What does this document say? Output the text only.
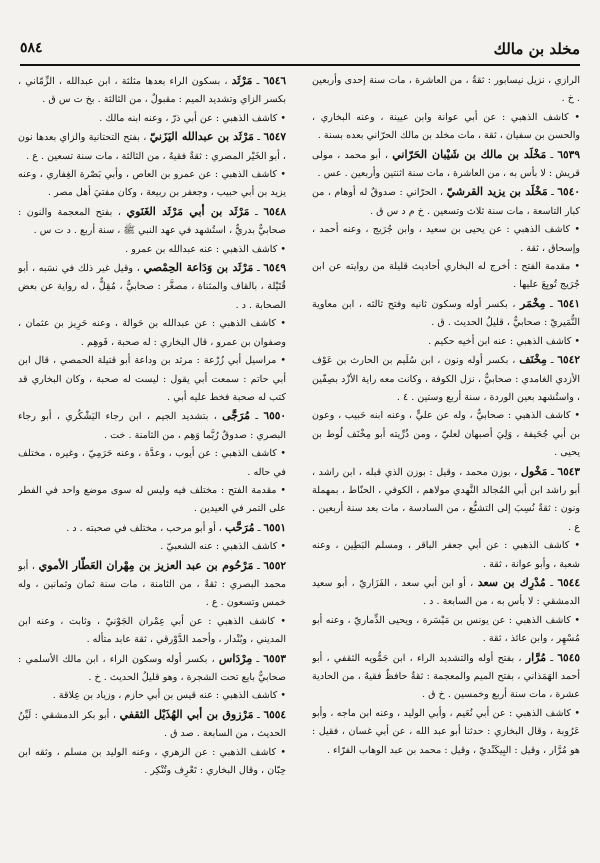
٥٨٤	مخلد بن مالك

الرازي ، نزيل نيسابور : ثقةٌ ، من العاشرة ، مات سنة إحدى وأربعين . خ .

• كاشف الذهبي : عن أبي عوانة وابن عيينة ، وعنه البخاري ، والحسن بن سفيان ، ثقة ، مات مخلد بن مالك الحرّاني بعده بسنة .

٦٥٣٩ ـ مَخْلَد بن مالك بن شَيْبان الحَرّاني ، أبو محمد ، مولى قريش : لا بأس به ، من العاشرة ، مات سنة اثنتين وأربعين . عس .

٦٥٤٠ ـ مَخْلَد بن يزيد القرشيّ ، الحرّاني : صدوقٌ له أوهام ، من كبار التاسعة ، مات سنة ثلاث وتسعين . خ م د س ق .

• كاشف الذهبي : عن يحيى بن سعيد ، وابن جُرَيج ، وعنه أحمد ، وإسحاق ، ثقة .

• مقدمة الفتح : أخرج له البخاري أحاديث قليلة من روايته عن ابن جُرَيج تُوبِعَ عليها .

٦٥٤١ ـ مِخْمَر ، بكسر أوله وسكون ثانيه وفتح ثالثه ، ابن معاوية النُّمَيريّ : صحابيٌّ ، قليلُ الحديث . ق .

• كاشف الذهبي : عنه ابن أخيه حكيم .

٦٥٤٢ ـ مِخْنَف ، بكسر أوله ونون ، ابن سُلَيم بن الحارث بن عَوْف الأزدي الغامدي : صحابيٌّ ، نزل الكوفة ، وكانت معه راية الأزْد بصِفّين ، واستُشهد بعين الوردة ، سنة أربع وستين . ٤ .

• كاشف الذهبي : صحابيٌّ ، وله عن عليٍّ ، وعنه ابنه حَبيب ، وعون بن أبي جُحَيفة ، وَلِيَ أصبهان لعليّ ، ومن ذُرِّيته أبو مِخْنَف لُوط بن يحيى .

٦٥٤٣ ـ مَخْول ، بوزن محمد ، وقيل : بوزن الذي قبله ، ابن راشد ، أبو راشد ابن أبي المُجالد النَّهدي مولاهم ، الكوفي ، الحنّاط ، بمهملة ونون : ثقةٌ نُسِبَ إلى التشيُّع ، من السادسة ، مات بعد سنة أربعين . ع .

• كاشف الذهبي : عن أبي جعفر الباقر ، ومسلم البَطِين ، وعنه شعبة ، وأبو عوانة ، ثقة .

٦٥٤٤ ـ مُدْرِك بن سعد ، أو ابن أبي سعد ، الفَزَاريّ ، أبو سعيد الدمشقي : لا بأس به ، من السابعة . د .

• كاشف الذهبي : عن يونس بن مَيْسَرة ، ويحيى الذِّماريّ ، وعنه أبو مُسْهِر ، وابن عائذ ، ثقة .

٦٥٤٥ ـ مُرَّار ، بفتح أوله والتشديد الراء ، ابن حَمُّويه الثقفي ، أبو أحمد الهَمَذاني ، بفتح الميم والمعجمة : ثقةٌ حافظٌ فقيهٌ ، من الحادية عشرة ، مات سنة أربع وخمسين . خ ق .

• كاشف الذهبي : عن أبي نُعَيم ، وأبي الوليد ، وعنه ابن ماجه ، وأبو عَرُوبة ، وقال البخاري : حدثنا أبو عبد الله ، عن أبي غسان ، فقيل : هو مُرَّار ، وقيل : البِيكَنْديّ ، وقيل : محمد بن عبد الوهاب الفرّاء .

٦٥٤٦ ـ مَرْثَد ، بسكون الراء بعدها مثلثة ، ابن عبدالله ، الزِّمّاني ، بكسر الزاي وتشديد الميم : مقبولٌ ، من الثالثة . بخ ت س ق .

• كاشف الذهبي : عن أبي ذرّ ، وعنه ابنه مالك .

٦٥٤٧ ـ مَرْثَد بن عبدالله اليَزَنيّ ، بفتح التحتانية والزاي بعدها نون ، أبو الخَيْر المصري : ثقةٌ فقيهٌ ، من الثالثة ، مات سنة تسعين . ع .

• كاشف الذهبي : عن عمرو بن العاص ، وأبي بَصْرة الغِفاري ، وعنه يزيد بن أبي حبيب ، وجعفر بن ربيعة ، وكان مفتيَ أهل مصر .

٦٥٤٨ ـ مَرْثَد بن أبي مَرْثَد الغَنَوي ، بفتح المعجمة والنون : صحابيٌّ بدريٌّ ، استُشهد في عهد النبي ﷺ ، سنة أربع . د ت س .

• كاشف الذهبي : عنه عبدالله بن عمرو .

٦٥٤٩ ـ مَرْثَد بن وَدَاعة الحِمْصي ، وقيل غير ذلك في نسَبه ، أبو قُتَيْلة ، بالقاف والمثناة ، مصغَّر : صحابيٌّ ، مُقِلٌّ ، له رواية عن بعض الصحابة . د .

• كاشف الذهبي : عن عبدالله بن حَوالة ، وعنه حَرِيز بن عثمان ، وصفوان بن عمرو ، قال البخاري : له صحبة ، فَوهِم .

• مراسيل أبي زُرْعة : مرثد بن وداعة أبو قتيلة الحمصي ، قال ابن أبي حاتم : سمعت أبي يقول : ليست له صحبة ، وكان البخاري قد كتب له صحبة فخط عليه أبي .

٦٥٥٠ ـ مُرَجَّى ، بتشديد الجيم ، ابن رجاء اليَشْكُري ، أبو رجاء البصري : صدوقٌ رُبَّما وَهِم ، من الثامنة . خت .

• كاشف الذهبي : عن أيوب ، وعدَّة ، وعنه حَرَمِيّ ، وغيره ، مختلف في حاله .

• مقدمة الفتح : مختلف فيه وليس له سوى موضع واحد في الفطر على التمر في العيدين .

٦٥٥١ ـ مُرَحَّب ، أو أبو مرحب ، مختلف في صحبته . د .

• كاشف الذهبي : عنه الشعبيّ .

٦٥٥٢ ـ مَرْحُوم بن عبد العزيز بن مِهْران العَطّار الأموي ، أبو محمد البصري : ثقةٌ ، من الثامنة ، مات سنة ثمان وثمانين ، وله خمس وتسعون . ع .

• كاشف الذهبي : عن أبي عِمْران الجَوْنيّ ، وثابت ، وعنه ابن المديني ، وبُنْدار ، وأحمد الدَّوْرقي ، ثقة عابد متأله .

٦٥٥٣ ـ مِرْدَاس ، بكسر أوله وسكون الراء ، ابن مالك الأسلمي : صحابيٌّ بايع تحت الشجرة ، وهو قليلُ الحديث . خ .

• كاشف الذهبي : عنه قيس بن أبي حازم ، وزياد بن عِلاقة .

٦٥٥٤ ـ مَرْزوق بن أبي الهُذَيْل الثقفي ، أبو بكر الدمشقي : لَيِّنُ الحديث ، من السابعة . صد ق .

• كاشف الذهبي : عن الزهري ، وعنه الوليد بن مسلم ، وثقه ابن حِبّان ، وقال البخاري : تَعْرِف وتُنْكِر .
